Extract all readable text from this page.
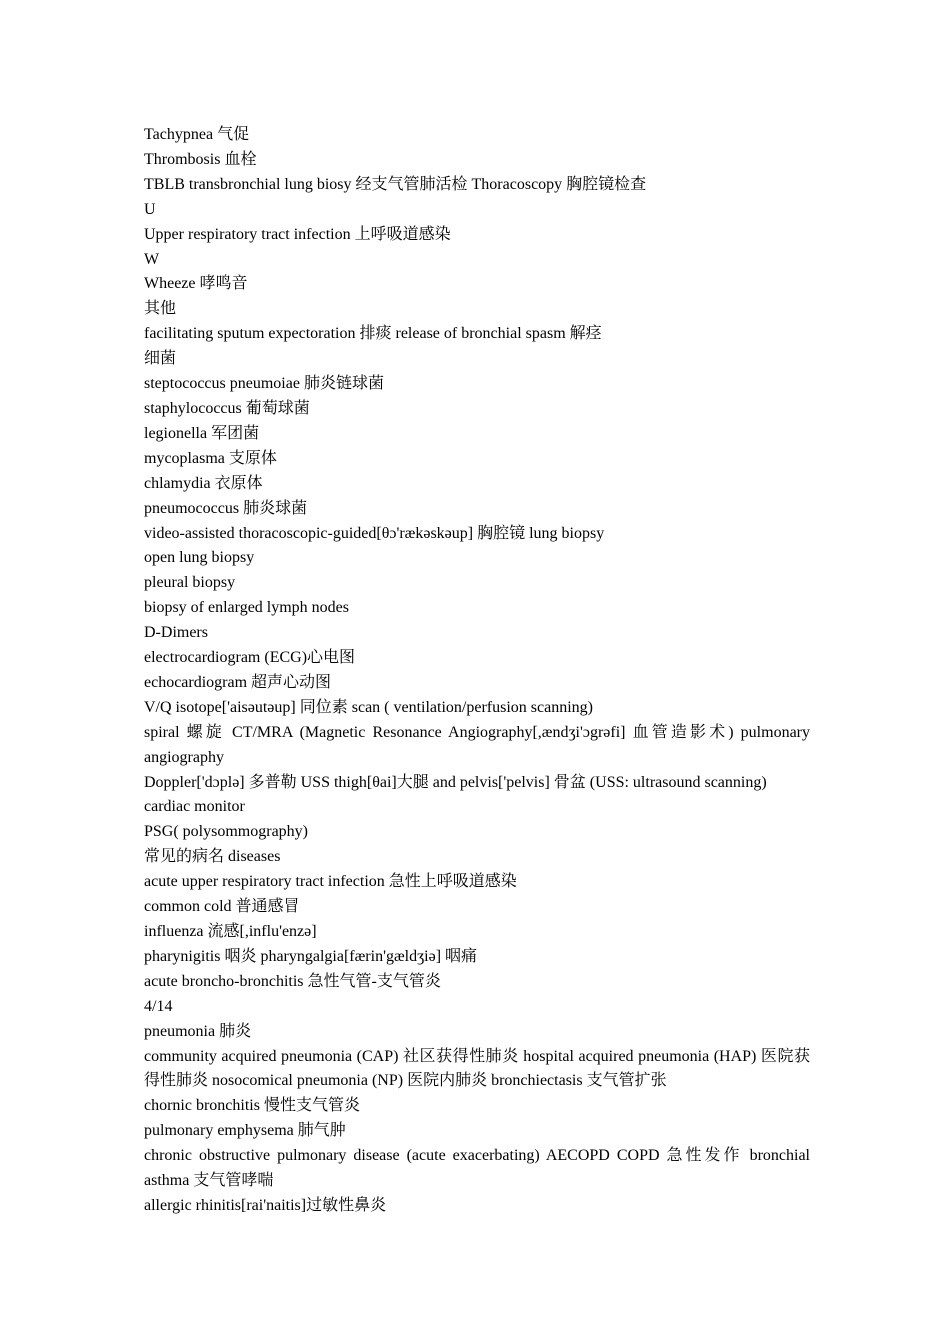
Tachypnea 气促

Thrombosis 血栓

TBLB transbronchial lung biosy 经支气管肺活检 Thoracoscopy 胸腔镜检查

U

Upper respiratory tract infection 上呼吸道感染

W

Wheeze 哮鸣音

其他

facilitating sputum expectoration 排痰 release of bronchial spasm 解痉

细菌

steptococcus pneumoiae 肺炎链球菌

staphylococcus 葡萄球菌

legionella 军团菌

mycoplasma 支原体

chlamydia 衣原体

pneumococcus 肺炎球菌

video-assisted thoracoscopic-guided[θɔ'rækəskəup] 胸腔镜 lung biopsy

open lung biopsy

pleural biopsy

biopsy of enlarged lymph nodes

D-Dimers

electrocardiogram (ECG)心电图

echocardiogram 超声心动图

V/Q isotope['aisəutəup] 同位素 scan ( ventilation/perfusion scanning)

spiral 螺旋 CT/MRA (Magnetic Resonance Angiography[,ændʒi'ɔgrəfi] 血管造影术) pulmonary angiography

Doppler['dɔplə] 多普勒 USS thigh[θai]大腿 and pelvis['pelvis] 骨盆 (USS: ultrasound scanning)

cardiac monitor

PSG( polysommography)

常见的病名 diseases

acute upper respiratory tract infection 急性上呼吸道感染

common cold 普通感冒

influenza 流感[,influ'enzə]

pharynigitis 咽炎 pharyngalgia[færin'gældʒiə] 咽痛

acute broncho-bronchitis 急性气管-支气管炎

4/14

pneumonia 肺炎

community acquired pneumonia (CAP) 社区获得性肺炎 hospital acquired pneumonia (HAP) 医院获得性肺炎 nosocomical pneumonia (NP) 医院内肺炎 bronchiectasis 支气管扩张

chornic bronchitis 慢性支气管炎

pulmonary emphysema 肺气肿

chronic obstructive pulmonary disease (acute exacerbating) AECOPD COPD 急性发作 bronchial asthma 支气管哮喘

allergic rhinitis[rai'naitis]过敏性鼻炎
